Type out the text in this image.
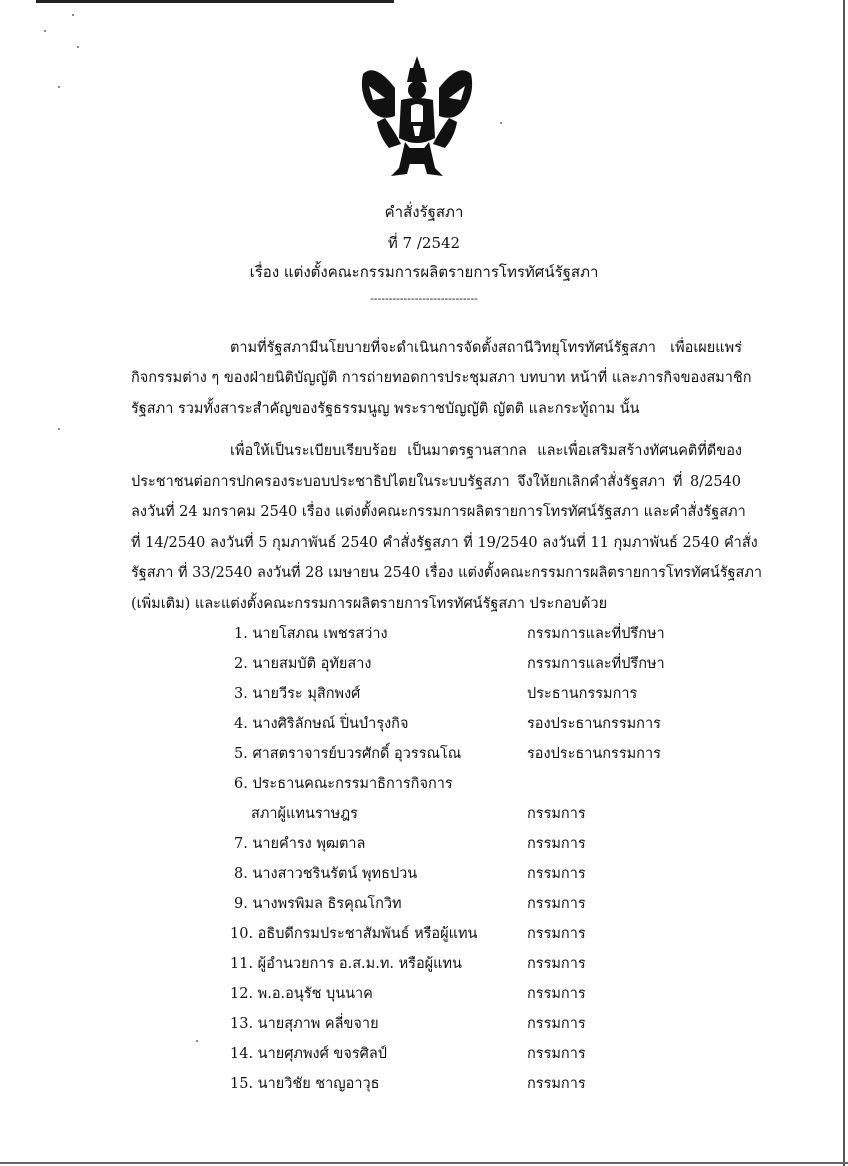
คำสั่งรัฐสภา
ที่ 7 /2542
เรื่อง แต่งตั้งคณะกรรมการผลิตรายการโทรทัศน์รัฐสภา
-----------------------------
ตามที่รัฐสภามีนโยบายที่จะดำเนินการจัดตั้งสถานีวิทยุโทรทัศน์รัฐสภา เพื่อเผยแพร่
กิจกรรมต่าง ๆ ของฝ่ายนิติบัญญัติ การถ่ายทอดการประชุมสภา บทบาท หน้าที่ และภารกิจของสมาชิก
รัฐสภา รวมทั้งสาระสำคัญของรัฐธรรมนูญ พระราชบัญญัติ ญัตติ และกระทู้ถาม นั้น
เพื่อให้เป็นระเบียบเรียบร้อย เป็นมาตรฐานสากล และเพื่อเสริมสร้างทัศนคติที่ดีของ
ประชาชนต่อการปกครองระบอบประชาธิปไตยในระบบรัฐสภา จึงให้ยกเลิกคำสั่งรัฐสภา ที่ 8/2540
ลงวันที่ 24 มกราคม 2540 เรื่อง แต่งตั้งคณะกรรมการผลิตรายการโทรทัศน์รัฐสภา และคำสั่งรัฐสภา
ที่ 14/2540 ลงวันที่ 5 กุมภาพันธ์ 2540 คำสั่งรัฐสภา ที่ 19/2540 ลงวันที่ 11 กุมภาพันธ์ 2540 คำสั่ง
รัฐสภา ที่ 33/2540 ลงวันที่ 28 เมษายน 2540 เรื่อง แต่งตั้งคณะกรรมการผลิตรายการโทรทัศน์รัฐสภา
(เพิ่มเติม) และแต่งตั้งคณะกรรมการผลิตรายการโทรทัศน์รัฐสภา ประกอบด้วย
1. นายโสภณ เพชรสว่าง	กรรมการและที่ปรึกษา
2. นายสมบัติ อุทัยสาง	กรรมการและที่ปรึกษา
3. นายวีระ มุสิกพงศ์	ประธานกรรมการ
4. นางศิริลักษณ์ ปิ่นบำรุงกิจ	รองประธานกรรมการ
5. ศาสตราจารย์บวรศักดิ์ อุวรรณโณ	รองประธานกรรมการ
6. ประธานคณะกรรมาธิการกิจการ
สภาผู้แทนราษฎร	กรรมการ
7. นายคำรง พุฒตาล	กรรมการ
8. นางสาวชรินรัตน์ พุทธปวน	กรรมการ
9. นางพรพิมล ธิรคุณโกวิท	กรรมการ
10. อธิบดีกรมประชาสัมพันธ์ หรือผู้แทน	กรรมการ
11. ผู้อำนวยการ อ.ส.ม.ท. หรือผู้แทน	กรรมการ
12. พ.อ.อนุรัช บุนนาค	กรรมการ
13. นายสุภาพ คลี่ขจาย	กรรมการ
14. นายศุภพงศ์ ขจรศิลป์	กรรมการ
15. นายวิชัย ชาญอาวุธ	กรรมการ
